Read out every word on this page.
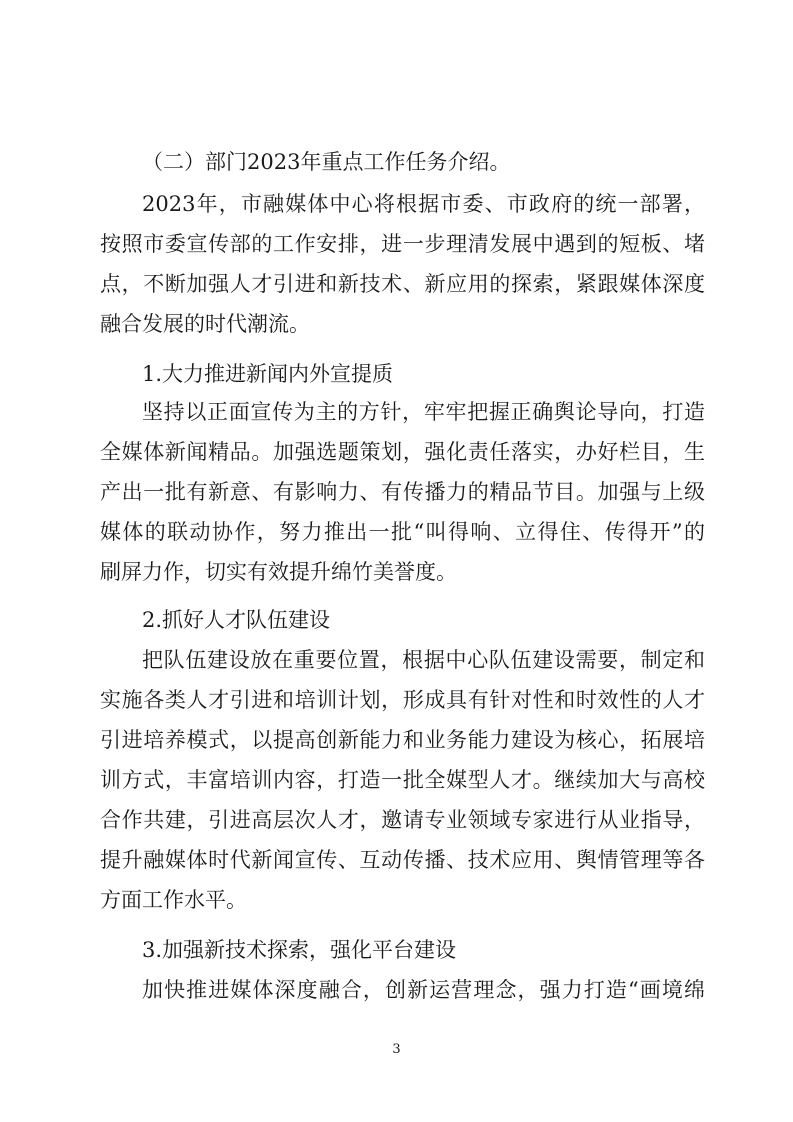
（二）部门2023年重点工作任务介绍。
2023年，市融媒体中心将根据市委、市政府的统一部署，
按照市委宣传部的工作安排，进一步理清发展中遇到的短板、堵
点，不断加强人才引进和新技术、新应用的探索，紧跟媒体深度
融合发展的时代潮流。
1.大力推进新闻内外宣提质
坚持以正面宣传为主的方针，牢牢把握正确舆论导向，打造
全媒体新闻精品。加强选题策划，强化责任落实，办好栏目，生
产出一批有新意、有影响力、有传播力的精品节目。加强与上级
媒体的联动协作，努力推出一批“叫得响、立得住、传得开”的
刷屏力作，切实有效提升绵竹美誉度。
2.抓好人才队伍建设
把队伍建设放在重要位置，根据中心队伍建设需要，制定和
实施各类人才引进和培训计划，形成具有针对性和时效性的人才
引进培养模式，以提高创新能力和业务能力建设为核心，拓展培
训方式，丰富培训内容，打造一批全媒型人才。继续加大与高校
合作共建，引进高层次人才，邀请专业领域专家进行从业指导，
提升融媒体时代新闻宣传、互动传播、技术应用、舆情管理等各
方面工作水平。
3.加强新技术探索，强化平台建设
加快推进媒体深度融合，创新运营理念，强力打造“画境绵
3
